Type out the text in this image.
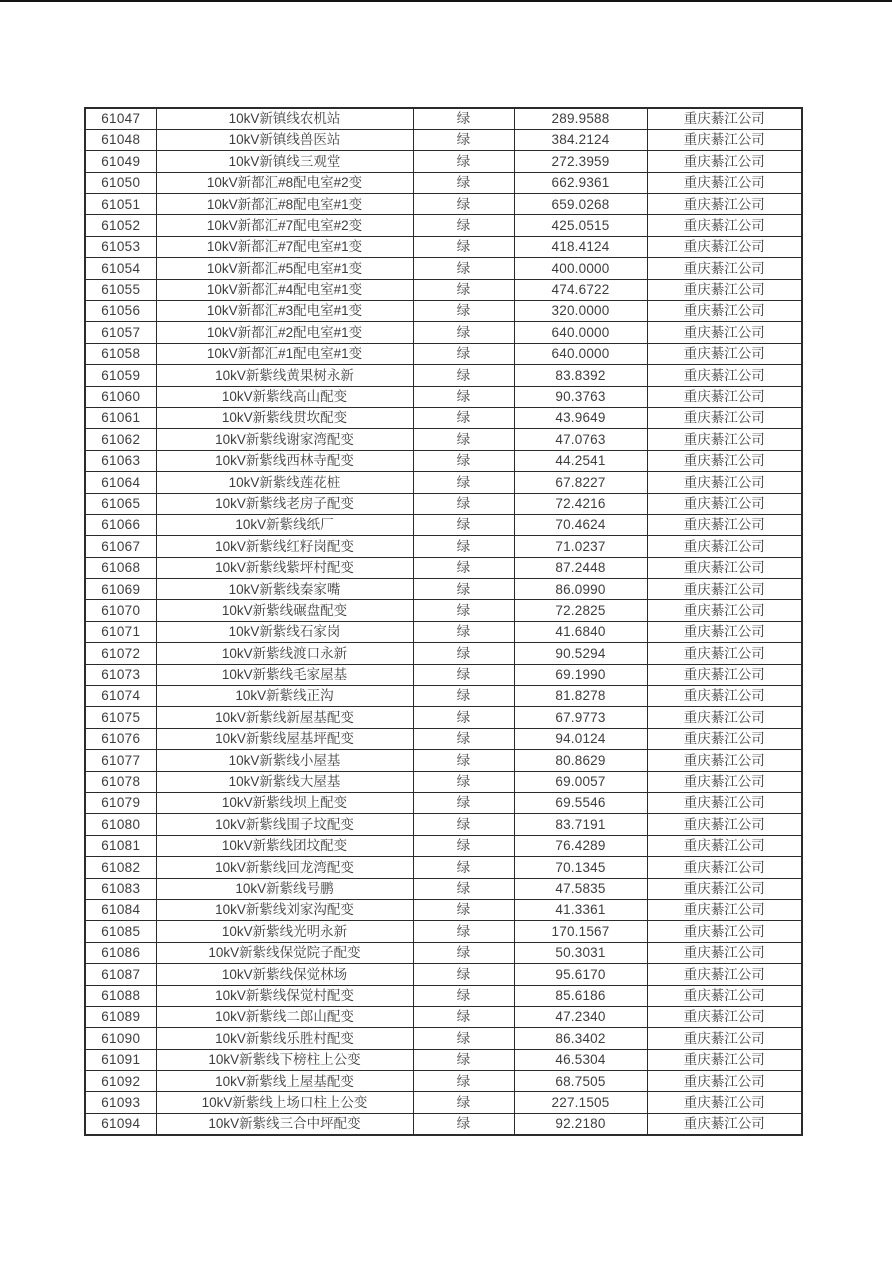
61047	10kV新镇线农机站	绿	289.9588	重庆綦江公司
61048	10kV新镇线兽医站	绿	384.2124	重庆綦江公司
61049	10kV新镇线三观堂	绿	272.3959	重庆綦江公司
61050	10kV新都汇#8配电室#2变	绿	662.9361	重庆綦江公司
61051	10kV新都汇#8配电室#1变	绿	659.0268	重庆綦江公司
61052	10kV新都汇#7配电室#2变	绿	425.0515	重庆綦江公司
61053	10kV新都汇#7配电室#1变	绿	418.4124	重庆綦江公司
61054	10kV新都汇#5配电室#1变	绿	400.0000	重庆綦江公司
61055	10kV新都汇#4配电室#1变	绿	474.6722	重庆綦江公司
61056	10kV新都汇#3配电室#1变	绿	320.0000	重庆綦江公司
61057	10kV新都汇#2配电室#1变	绿	640.0000	重庆綦江公司
61058	10kV新都汇#1配电室#1变	绿	640.0000	重庆綦江公司
61059	10kV新紫线黄果树永新	绿	83.8392	重庆綦江公司
61060	10kV新紫线高山配变	绿	90.3763	重庆綦江公司
61061	10kV新紫线贯坎配变	绿	43.9649	重庆綦江公司
61062	10kV新紫线谢家湾配变	绿	47.0763	重庆綦江公司
61063	10kV新紫线西林寺配变	绿	44.2541	重庆綦江公司
61064	10kV新紫线莲花桩	绿	67.8227	重庆綦江公司
61065	10kV新紫线老房子配变	绿	72.4216	重庆綦江公司
61066	10kV新紫线纸厂	绿	70.4624	重庆綦江公司
61067	10kV新紫线红籽岗配变	绿	71.0237	重庆綦江公司
61068	10kV新紫线紫坪村配变	绿	87.2448	重庆綦江公司
61069	10kV新紫线秦家嘴	绿	86.0990	重庆綦江公司
61070	10kV新紫线碾盘配变	绿	72.2825	重庆綦江公司
61071	10kV新紫线石家岗	绿	41.6840	重庆綦江公司
61072	10kV新紫线渡口永新	绿	90.5294	重庆綦江公司
61073	10kV新紫线毛家屋基	绿	69.1990	重庆綦江公司
61074	10kV新紫线正沟	绿	81.8278	重庆綦江公司
61075	10kV新紫线新屋基配变	绿	67.9773	重庆綦江公司
61076	10kV新紫线屋基坪配变	绿	94.0124	重庆綦江公司
61077	10kV新紫线小屋基	绿	80.8629	重庆綦江公司
61078	10kV新紫线大屋基	绿	69.0057	重庆綦江公司
61079	10kV新紫线坝上配变	绿	69.5546	重庆綦江公司
61080	10kV新紫线围子坟配变	绿	83.7191	重庆綦江公司
61081	10kV新紫线团坟配变	绿	76.4289	重庆綦江公司
61082	10kV新紫线回龙湾配变	绿	70.1345	重庆綦江公司
61083	10kV新紫线号鹏	绿	47.5835	重庆綦江公司
61084	10kV新紫线刘家沟配变	绿	41.3361	重庆綦江公司
61085	10kV新紫线光明永新	绿	170.1567	重庆綦江公司
61086	10kV新紫线保觉院子配变	绿	50.3031	重庆綦江公司
61087	10kV新紫线保觉林场	绿	95.6170	重庆綦江公司
61088	10kV新紫线保觉村配变	绿	85.6186	重庆綦江公司
61089	10kV新紫线二郎山配变	绿	47.2340	重庆綦江公司
61090	10kV新紫线乐胜村配变	绿	86.3402	重庆綦江公司
61091	10kV新紫线下榜柱上公变	绿	46.5304	重庆綦江公司
61092	10kV新紫线上屋基配变	绿	68.7505	重庆綦江公司
61093	10kV新紫线上场口柱上公变	绿	227.1505	重庆綦江公司
61094	10kV新紫线三合中坪配变	绿	92.2180	重庆綦江公司
